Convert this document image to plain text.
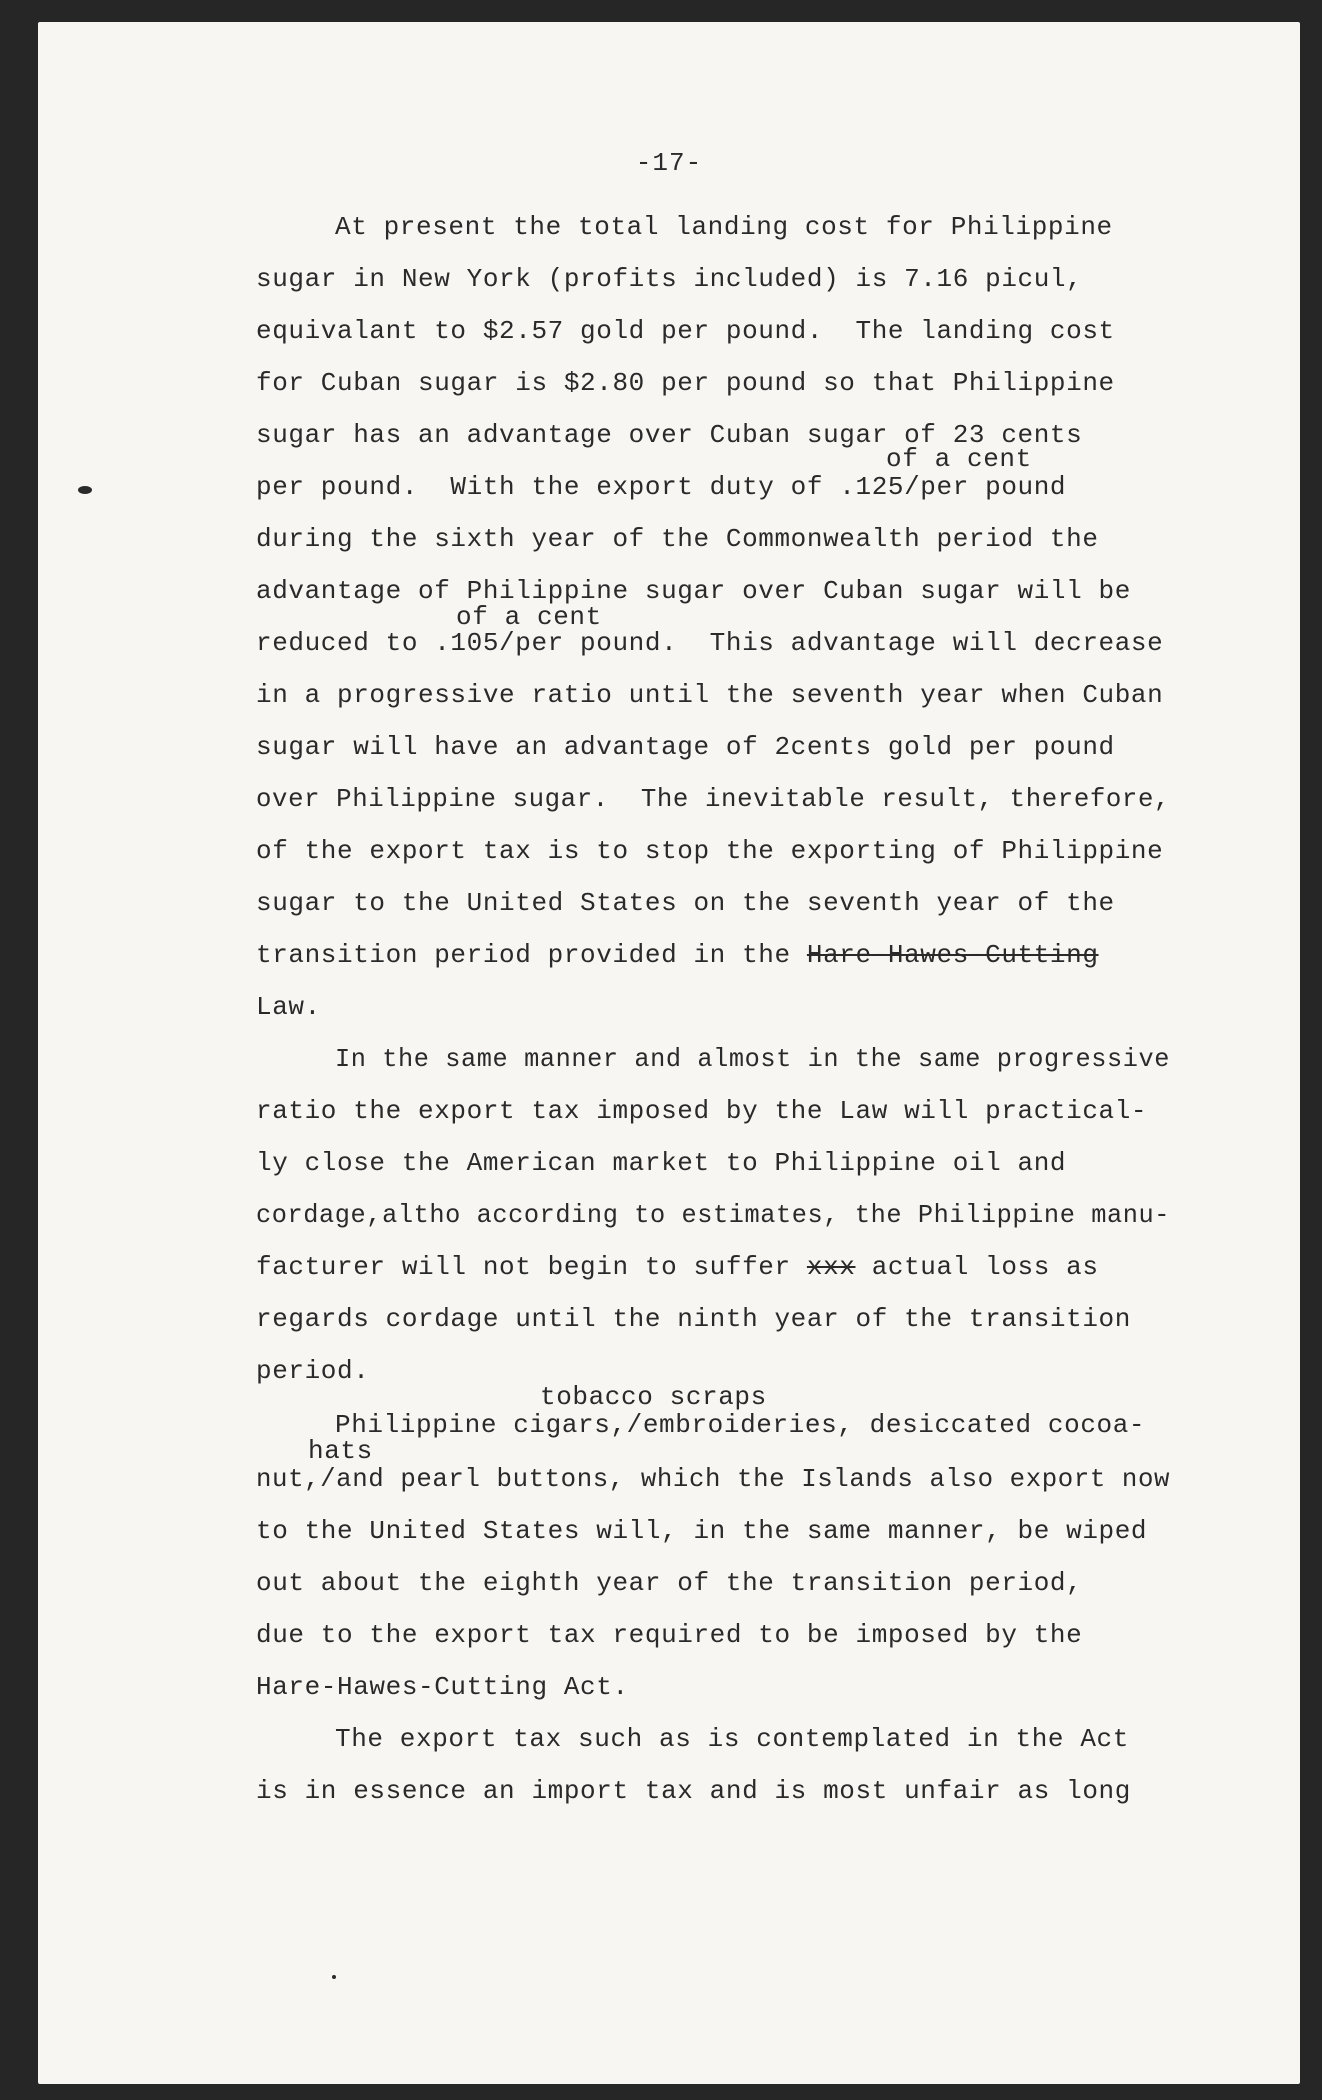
-17-
At present the total landing cost for Philippine
sugar in New York (profits included) is 7.16 picul,
equivalant to $2.57 gold per pound.  The landing cost
for Cuban sugar is $2.80 per pound so that Philippine
sugar has an advantage over Cuban sugar of 23 cents
of a cent
per pound.  With the export duty of .125/per pound
during the sixth year of the Commonwealth period the
advantage of Philippine sugar over Cuban sugar will be
of a cent
reduced to .105/per pound.  This advantage will decrease
in a progressive ratio until the seventh year when Cuban
sugar will have an advantage of 2cents gold per pound
over Philippine sugar.  The inevitable result, therefore,
of the export tax is to stop the exporting of Philippine
sugar to the United States on the seventh year of the
transition period provided in the Hare-Hawes-Cutting
Law.
In the same manner and almost in the same progressive
ratio the export tax imposed by the Law will practical-
ly close the American market to Philippine oil and
cordage,altho according to estimates, the Philippine manu-
facturer will not begin to suffer xxx actual loss as
regards cordage until the ninth year of the transition
period.
tobacco scraps
Philippine cigars,/embroideries, desiccated cocoa-
hats
nut,/and pearl buttons, which the Islands also export now
to the United States will, in the same manner, be wiped
out about the eighth year of the transition period,
due to the export tax required to be imposed by the
Hare-Hawes-Cutting Act.
The export tax such as is contemplated in the Act
is in essence an import tax and is most unfair as long
